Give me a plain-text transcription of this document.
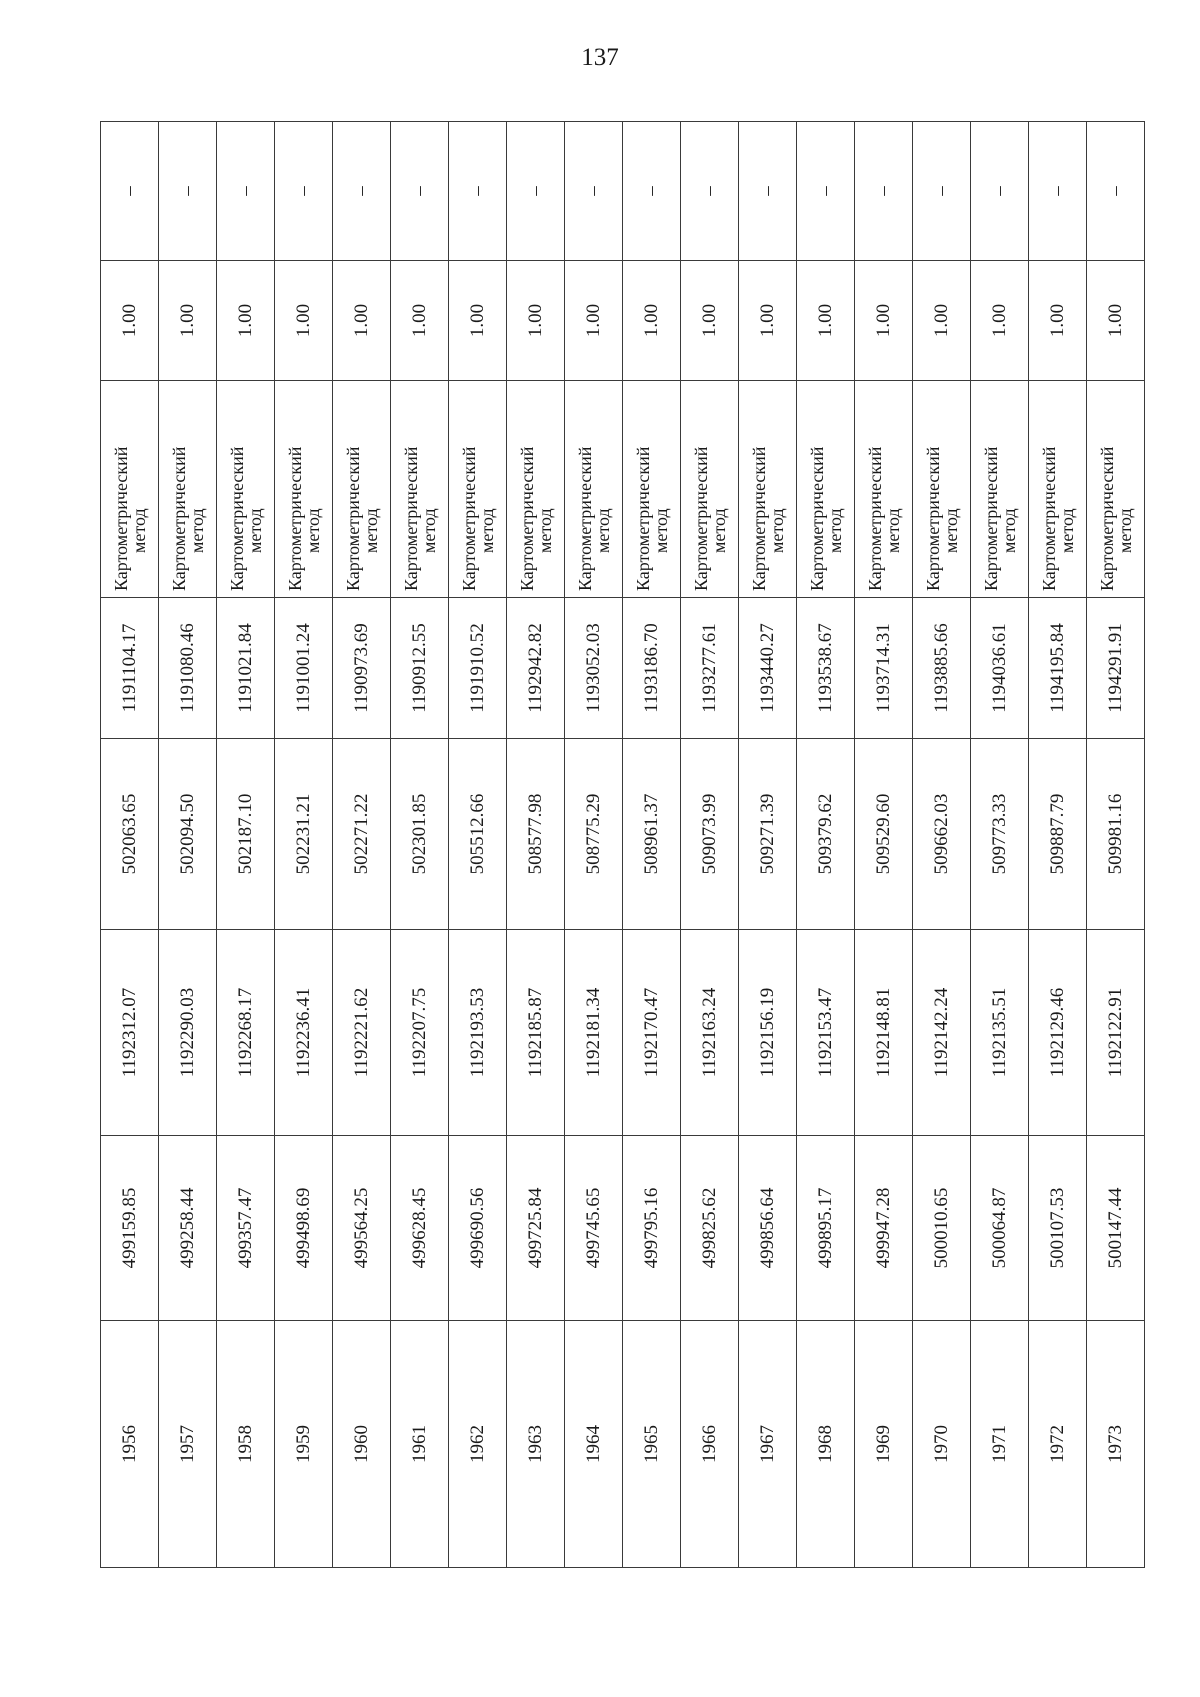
137
1956	499159.85	1192312.07	502063.65	1191104.17	Картометрический
метод	1.00	–
1957	499258.44	1192290.03	502094.50	1191080.46	Картометрический
метод	1.00	–
1958	499357.47	1192268.17	502187.10	1191021.84	Картометрический
метод	1.00	–
1959	499498.69	1192236.41	502231.21	1191001.24	Картометрический
метод	1.00	–
1960	499564.25	1192221.62	502271.22	1190973.69	Картометрический
метод	1.00	–
1961	499628.45	1192207.75	502301.85	1190912.55	Картометрический
метод	1.00	–
1962	499690.56	1192193.53	505512.66	1191910.52	Картометрический
метод	1.00	–
1963	499725.84	1192185.87	508577.98	1192942.82	Картометрический
метод	1.00	–
1964	499745.65	1192181.34	508775.29	1193052.03	Картометрический
метод	1.00	–
1965	499795.16	1192170.47	508961.37	1193186.70	Картометрический
метод	1.00	–
1966	499825.62	1192163.24	509073.99	1193277.61	Картометрический
метод	1.00	–
1967	499856.64	1192156.19	509271.39	1193440.27	Картометрический
метод	1.00	–
1968	499895.17	1192153.47	509379.62	1193538.67	Картометрический
метод	1.00	–
1969	499947.28	1192148.81	509529.60	1193714.31	Картометрический
метод	1.00	–
1970	500010.65	1192142.24	509662.03	1193885.66	Картометрический
метод	1.00	–
1971	500064.87	1192135.51	509773.33	1194036.61	Картометрический
метод	1.00	–
1972	500107.53	1192129.46	509887.79	1194195.84	Картометрический
метод	1.00	–
1973	500147.44	1192122.91	509981.16	1194291.91	Картометрический
метод	1.00	–
